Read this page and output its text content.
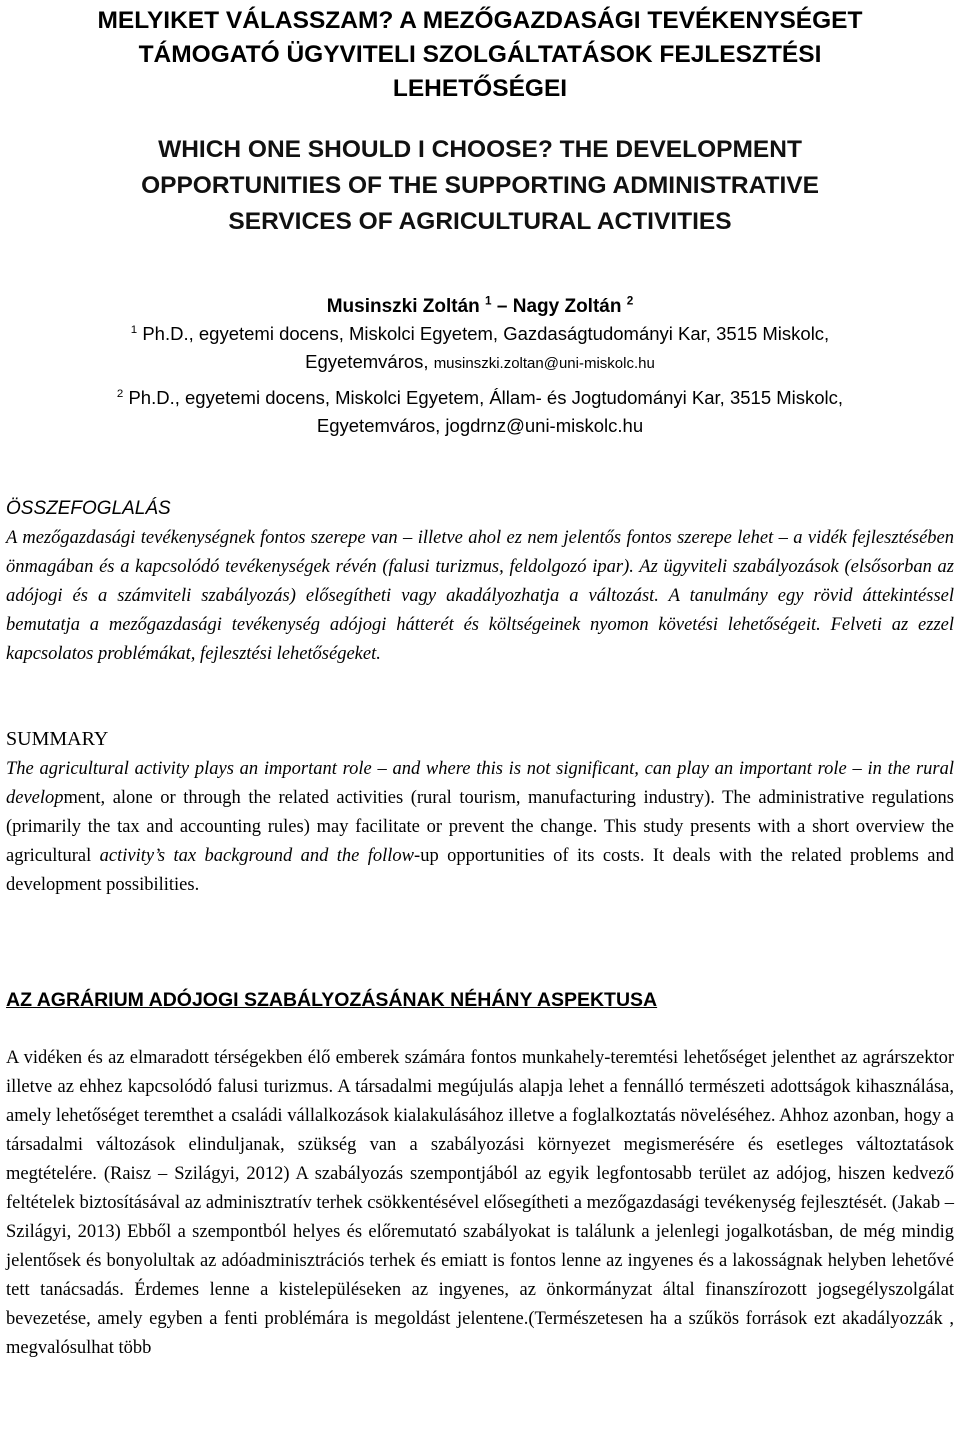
MELYIKET VÁLASSZAM? A MEZŐGAZDASÁGI TEVÉKENYSÉGET
TÁMOGATÓ ÜGYVITELI SZOLGÁLTATÁSOK FEJLESZTÉSI
LEHETŐSÉGEI
WHICH ONE SHOULD I CHOOSE? THE DEVELOPMENT
OPPORTUNITIES OF THE SUPPORTING ADMINISTRATIVE
SERVICES OF AGRICULTURAL ACTIVITIES
Musinszki Zoltán $^1$ – Nagy Zoltán $^2$
$^1$ Ph.D., egyetemi docens, Miskolci Egyetem, Gazdaságtudományi Kar, 3515 Miskolc,
Egyetemváros, musinszki.zoltan@uni-miskolc.hu
$^2$ Ph.D., egyetemi docens, Miskolci Egyetem, Állam- és Jogtudományi Kar, 3515 Miskolc,
Egyetemváros, jogdrnz@uni-miskolc.hu
ÖSSZEFOGLALÁS

A mezőgazdasági tevékenységnek fontos szerepe van – illetve ahol ez nem jelentős fontos szerepe lehet – a vidék fejlesztésében önmagában és a kapcsolódó tevékenységek révén (falusi turizmus, feldolgozó ipar). Az ügyviteli szabályozások (elsősorban az adójogi és a számviteli szabályozás) elősegítheti vagy akadályozhatja a változást. A tanulmány egy rövid áttekintéssel bemutatja a mezőgazdasági tevékenység adójogi hátterét és költségeinek nyomon követési lehetőségeit. Felveti az ezzel kapcsolatos problémákat, fejlesztési lehetőségeket.

SUMMARY

The agricultural activity plays an important role – and where this is not significant, can play an important role – in the rural development, alone or through the related activities (rural tourism, manufacturing industry). The administrative regulations (primarily the tax and accounting rules) may facilitate or prevent the change. This study presents with a short overview the agricultural activity’s tax background and the follow-up opportunities of its costs. It deals with the related problems and development possibilities.

AZ AGRÁRIUM ADÓJOGI SZABÁLYOZÁSÁNAK NÉHÁNY ASPEKTUSA

A vidéken és az elmaradott térségekben élő emberek számára fontos munkahely-teremtési lehetőséget jelenthet az agrárszektor illetve az ehhez kapcsolódó falusi turizmus. A társadalmi megújulás alapja lehet a fennálló természeti adottságok kihasználása, amely lehetőséget teremthet a családi vállalkozások kialakulásához illetve a foglalkoztatás növeléséhez. Ahhoz azonban, hogy a társadalmi változások elinduljanak, szükség van a szabályozási környezet megismerésére és esetleges változtatások megtételére. (Raisz – Szilágyi, 2012) A szabályozás szempontjából az egyik legfontosabb terület az adójog, hiszen kedvező feltételek biztosításával az adminisztratív terhek csökkentésével elősegítheti a mezőgazdasági tevékenység fejlesztését. (Jakab – Szilágyi, 2013) Ebből a szempontból helyes és előremutató szabályokat is találunk a jelenlegi jogalkotásban, de még mindig jelentősek és bonyolultak az adóadminisztrációs terhek és emiatt is fontos lenne az ingyenes és a lakosságnak helyben lehetővé tett tanácsadás. Érdemes lenne a kistelepüléseken az ingyenes, az önkormányzat által finanszírozott jogsegélyszolgálat bevezetése, amely egyben a fenti problémára is megoldást jelentene.(Természetesen ha a szűkös források ezt akadályozzák , megvalósulhat több
